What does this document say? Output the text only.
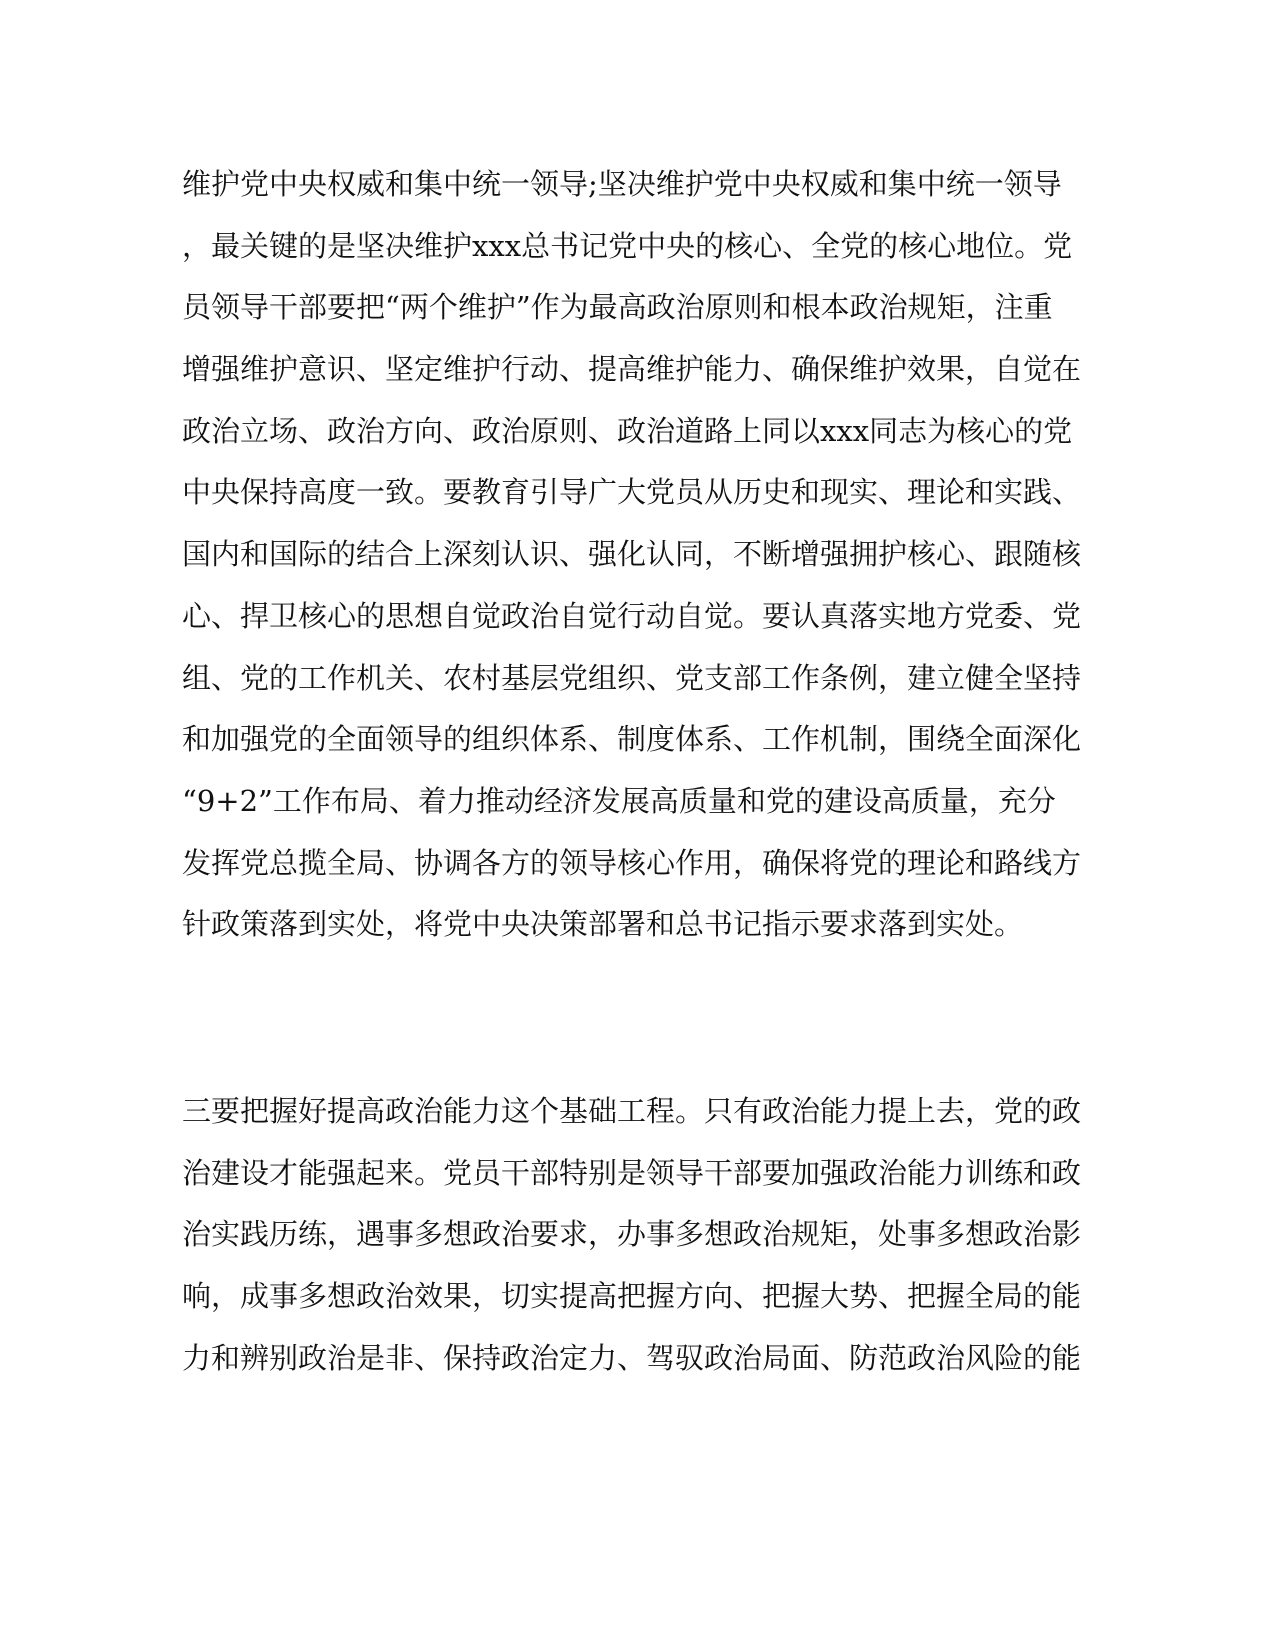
维护党中央权威和集中统一领导;坚决维护党中央权威和集中统一领导

，最关键的是坚决维护xxx总书记党中央的核心、全党的核心地位。党

员领导干部要把“两个维护”作为最高政治原则和根本政治规矩，注重

增强维护意识、坚定维护行动、提高维护能力、确保维护效果，自觉在

政治立场、政治方向、政治原则、政治道路上同以xxx同志为核心的党

中央保持高度一致。要教育引导广大党员从历史和现实、理论和实践、

国内和国际的结合上深刻认识、强化认同，不断增强拥护核心、跟随核

心、捍卫核心的思想自觉政治自觉行动自觉。要认真落实地方党委、党

组、党的工作机关、农村基层党组织、党支部工作条例，建立健全坚持

和加强党的全面领导的组织体系、制度体系、工作机制，围绕全面深化

“9+2”工作布局、着力推动经济发展高质量和党的建设高质量，充分

发挥党总揽全局、协调各方的领导核心作用，确保将党的理论和路线方

针政策落到实处，将党中央决策部署和总书记指示要求落到实处。

三要把握好提高政治能力这个基础工程。只有政治能力提上去，党的政

治建设才能强起来。党员干部特别是领导干部要加强政治能力训练和政

治实践历练，遇事多想政治要求，办事多想政治规矩，处事多想政治影

响，成事多想政治效果，切实提高把握方向、把握大势、把握全局的能

力和辨别政治是非、保持政治定力、驾驭政治局面、防范政治风险的能
